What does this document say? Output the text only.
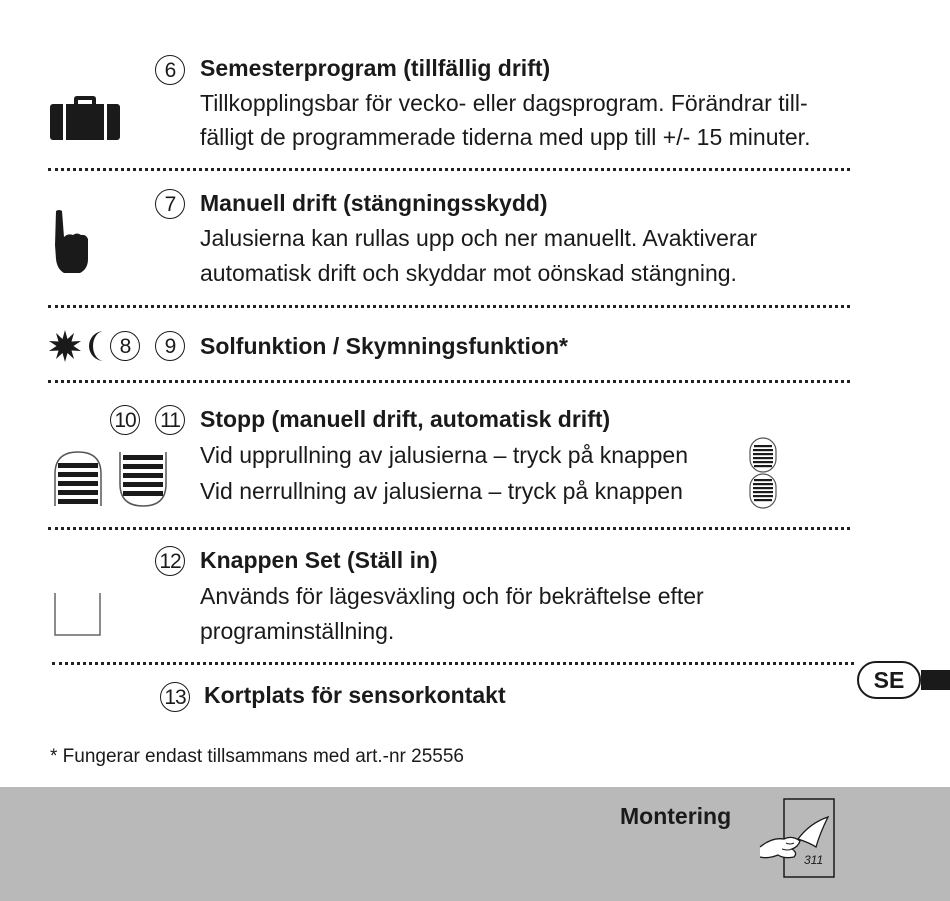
6	Semesterprogram (tillfällig drift)
Tillkopplingsbar för vecko- eller dagsprogram. Förändrar till-
fälligt de programmerade tiderna med upp till +/- 15 minuter.
7	Manuell drift (stängningsskydd)
Jalusierna kan rullas upp och ner manuellt. Avaktiverar
automatisk drift och skyddar mot oönskad stängning.
8	9	Solfunktion / Skymningsfunktion*
10 11 Stopp (manuell drift, automatisk drift)
Vid upprullning av jalusierna – tryck på knappen
Vid nerrullning av jalusierna – tryck på knappen
12 Knappen Set (Ställ in)
Används för lägesväxling och för bekräftelse efter
programinställning.
13 Kortplats för sensorkontakt
SE
* Fungerar endast tillsammans med art.-nr 25556
Montering
311
